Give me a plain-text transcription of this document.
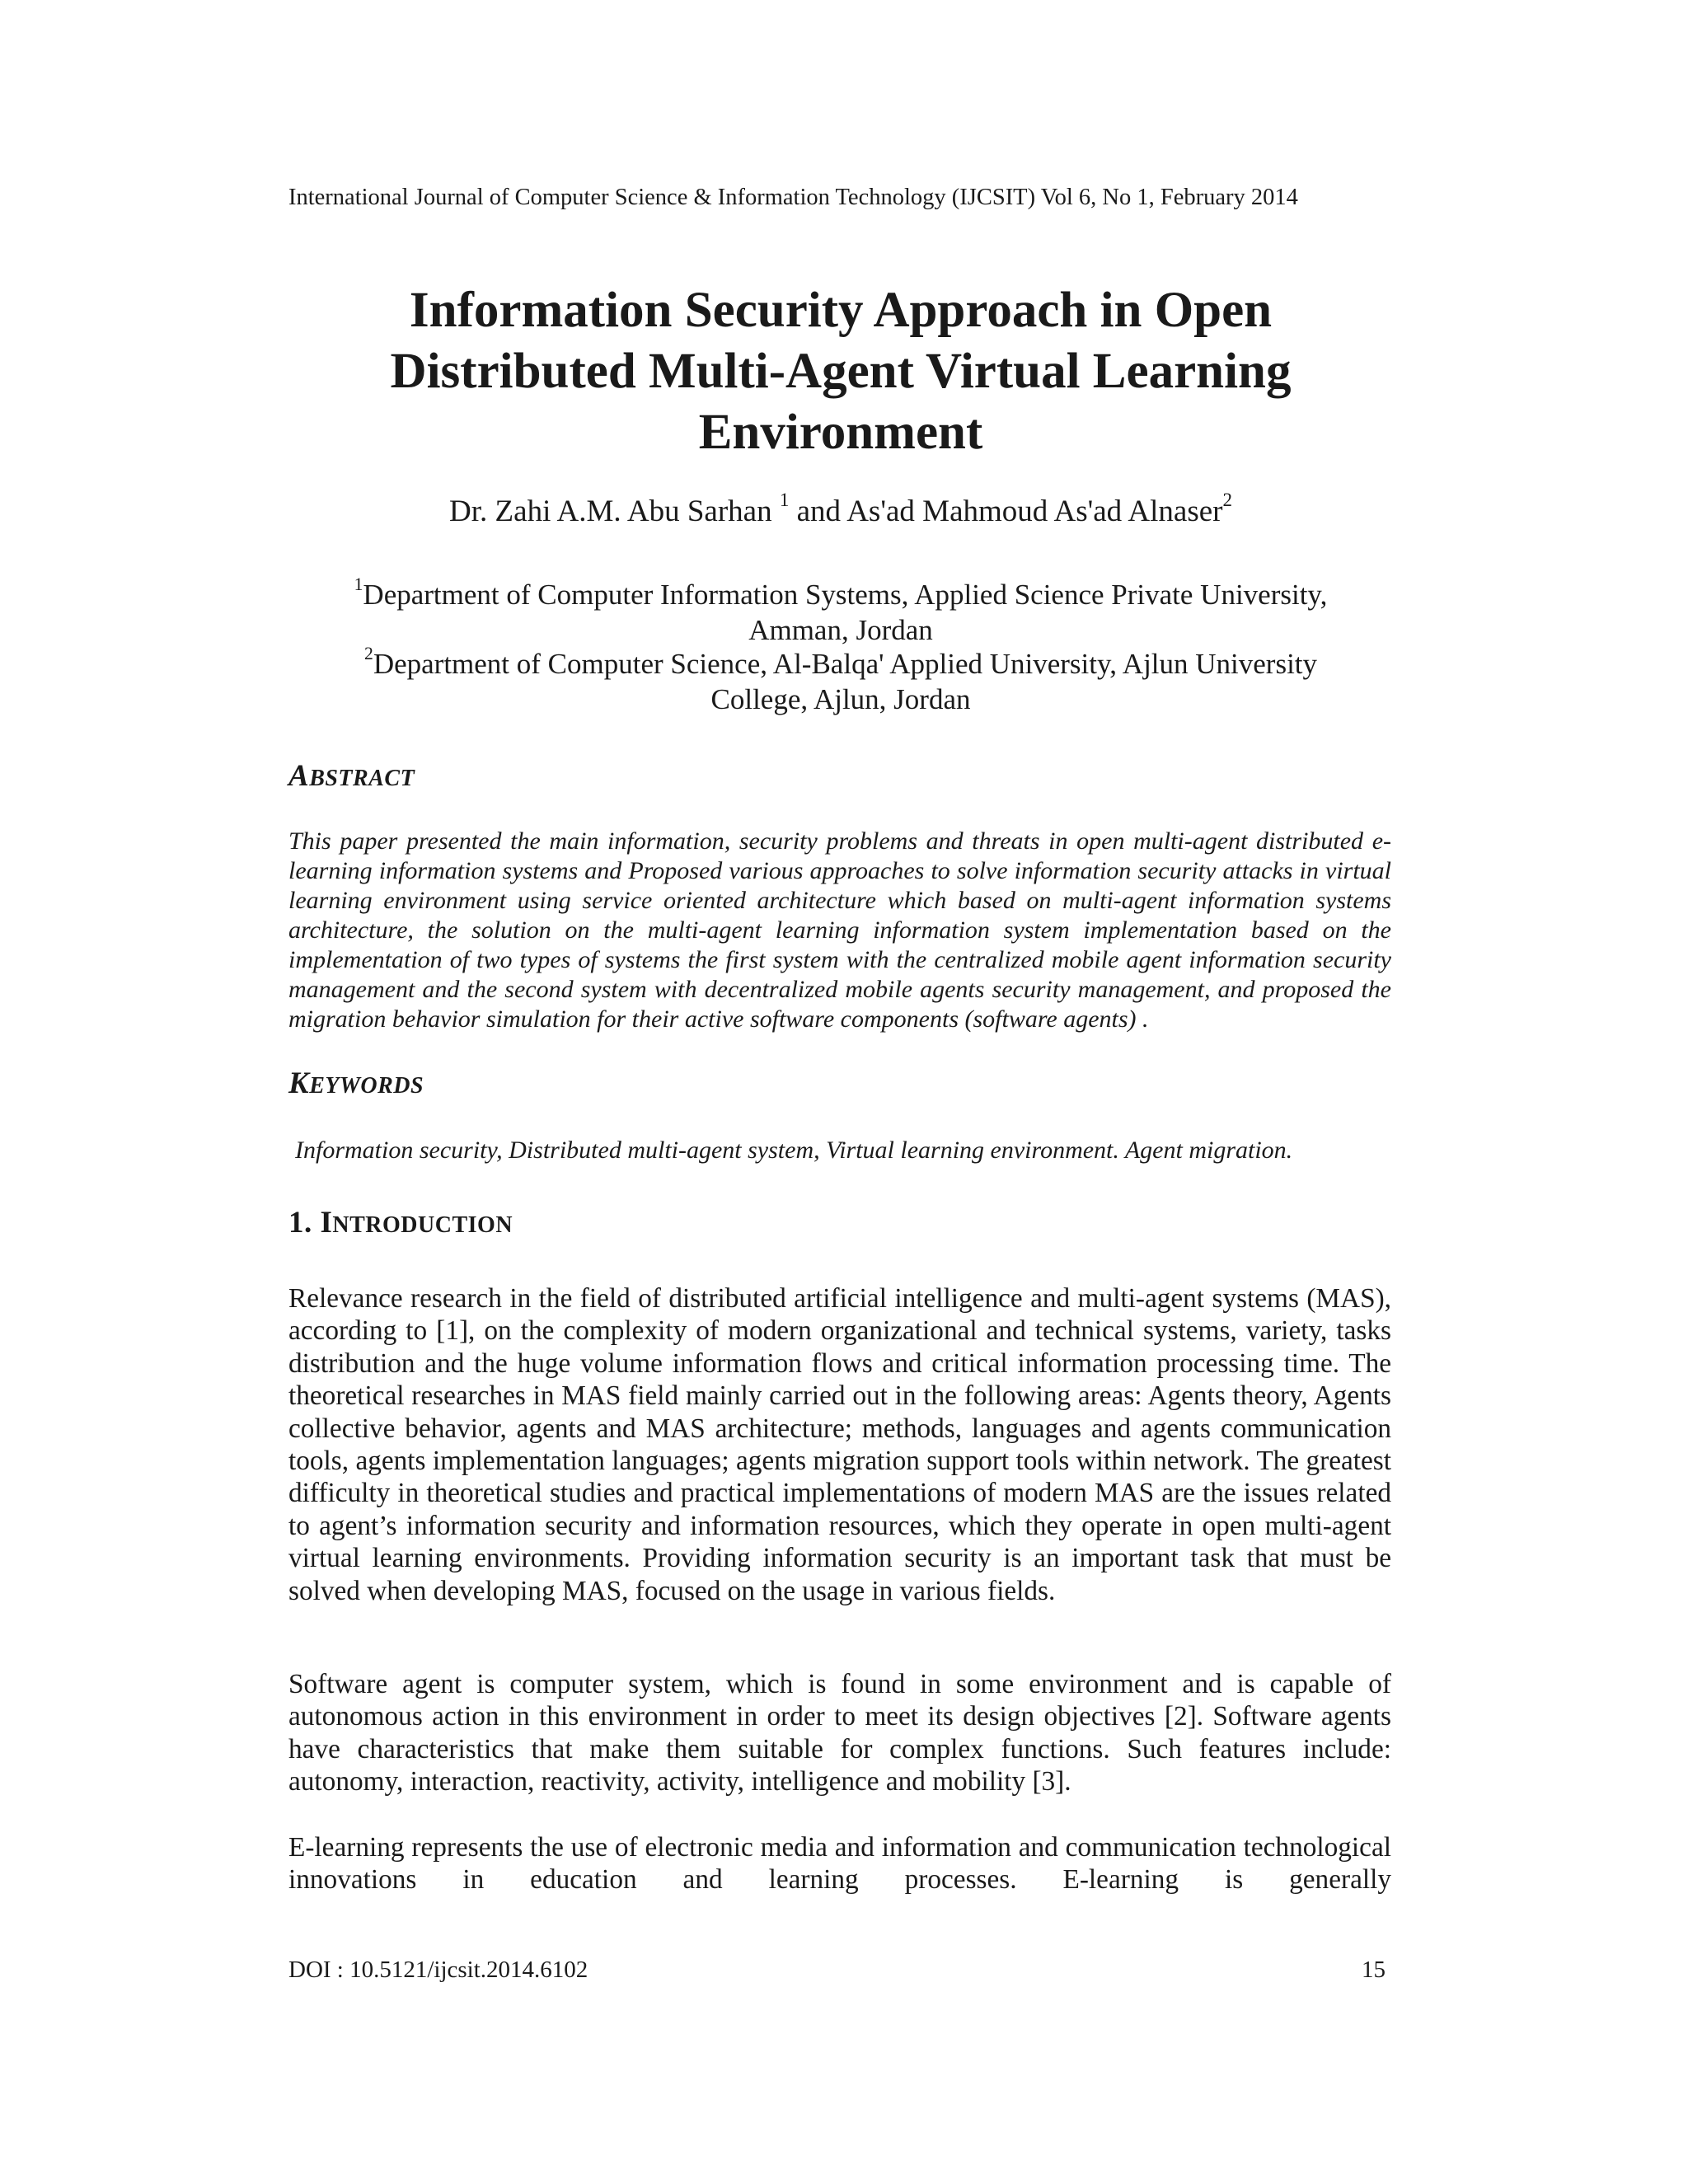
International Journal of Computer Science & Information Technology (IJCSIT) Vol 6, No 1, February 2014
Information Security Approach in Open
Distributed Multi-Agent Virtual Learning
Environment
Dr. Zahi A.M. Abu Sarhan $^1$ and As'ad Mahmoud As'ad Alnaser$^2$
$^1$Department of Computer Information Systems, Applied Science Private University,
Amman, Jordan
$^2$Department of Computer Science, Al-Balqa' Applied University, Ajlun University
College, Ajlun, Jordan
ABSTRACT

This paper presented the main information, security problems and threats in open multi-agent distributed e-learning information systems and Proposed various approaches to solve information security attacks in virtual learning environment using service oriented architecture which based on multi-agent information systems architecture, the solution on the multi-agent learning information system implementation based on the implementation of two types of systems the first system with the centralized mobile agent information security management and the second system with decentralized mobile agents security management, and proposed the migration behavior simulation for their active software components (software agents) .

KEYWORDS

Information security, Distributed multi-agent system, Virtual learning environment. Agent migration.

1. INTRODUCTION

Relevance research in the field of distributed artificial intelligence and multi-agent systems (MAS), according to [1], on the complexity of modern organizational and technical systems, variety, tasks distribution and the huge volume information flows and critical information processing time. The theoretical researches in MAS field mainly carried out in the following areas: Agents theory, Agents collective behavior, agents and MAS architecture; methods, languages and agents communication tools, agents implementation languages; agents migration support tools within network. The greatest difficulty in theoretical studies and practical implementations of modern MAS are the issues related to agent’s information security and information resources, which they operate in open multi-agent virtual learning environments. Providing information security is an important task that must be solved when developing MAS, focused on the usage in various fields.

Software agent is computer system, which is found in some environment and is capable of autonomous action in this environment in order to meet its design objectives [2]. Software agents have characteristics that make them suitable for complex functions. Such features include: autonomy, interaction, reactivity, activity, intelligence and mobility [3].

E-learning represents the use of electronic media and information and communication technological innovations in education and learning processes. E-learning is generally

DOI : 10.5121/ijcsit.2014.6102	15
